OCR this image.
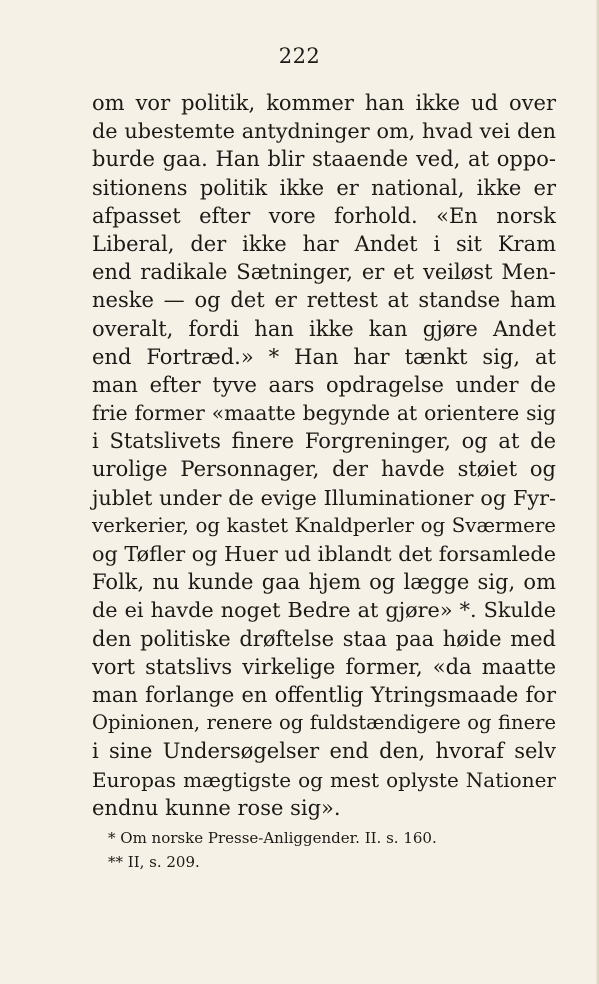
222
om vor politik, kommer han ikke ud over
de ubestemte antydninger om, hvad vei den
burde gaa. Han blir staaende ved, at oppo-
sitionens politik ikke er national, ikke er
afpasset efter vore forhold. «En norsk
Liberal, der ikke har Andet i sit Kram
end radikale Sætninger, er et veiløst Men-
neske — og det er rettest at standse ham
overalt, fordi han ikke kan gjøre Andet
end Fortræd.» * Han har tænkt sig, at
man efter tyve aars opdragelse under de
frie former «maatte begynde at orientere sig
i Statslivets finere Forgreninger, og at de
urolige Personnager, der havde støiet og
jublet under de evige Illuminationer og Fyr-
verkerier, og kastet Knaldperler og Sværmere
og Tøfler og Huer ud iblandt det forsamlede
Folk, nu kunde gaa hjem og lægge sig, om
de ei havde noget Bedre at gjøre» *. Skulde
den politiske drøftelse staa paa høide med
vort statslivs virkelige former, «da maatte
man forlange en offentlig Ytringsmaade for
Opinionen, renere og fuldstændigere og finere
i sine Undersøgelser end den, hvoraf selv
Europas mægtigste og mest oplyste Nationer
endnu kunne rose sig».
* Om norske Presse-Anliggender. II. s. 160.
** II, s. 209.
